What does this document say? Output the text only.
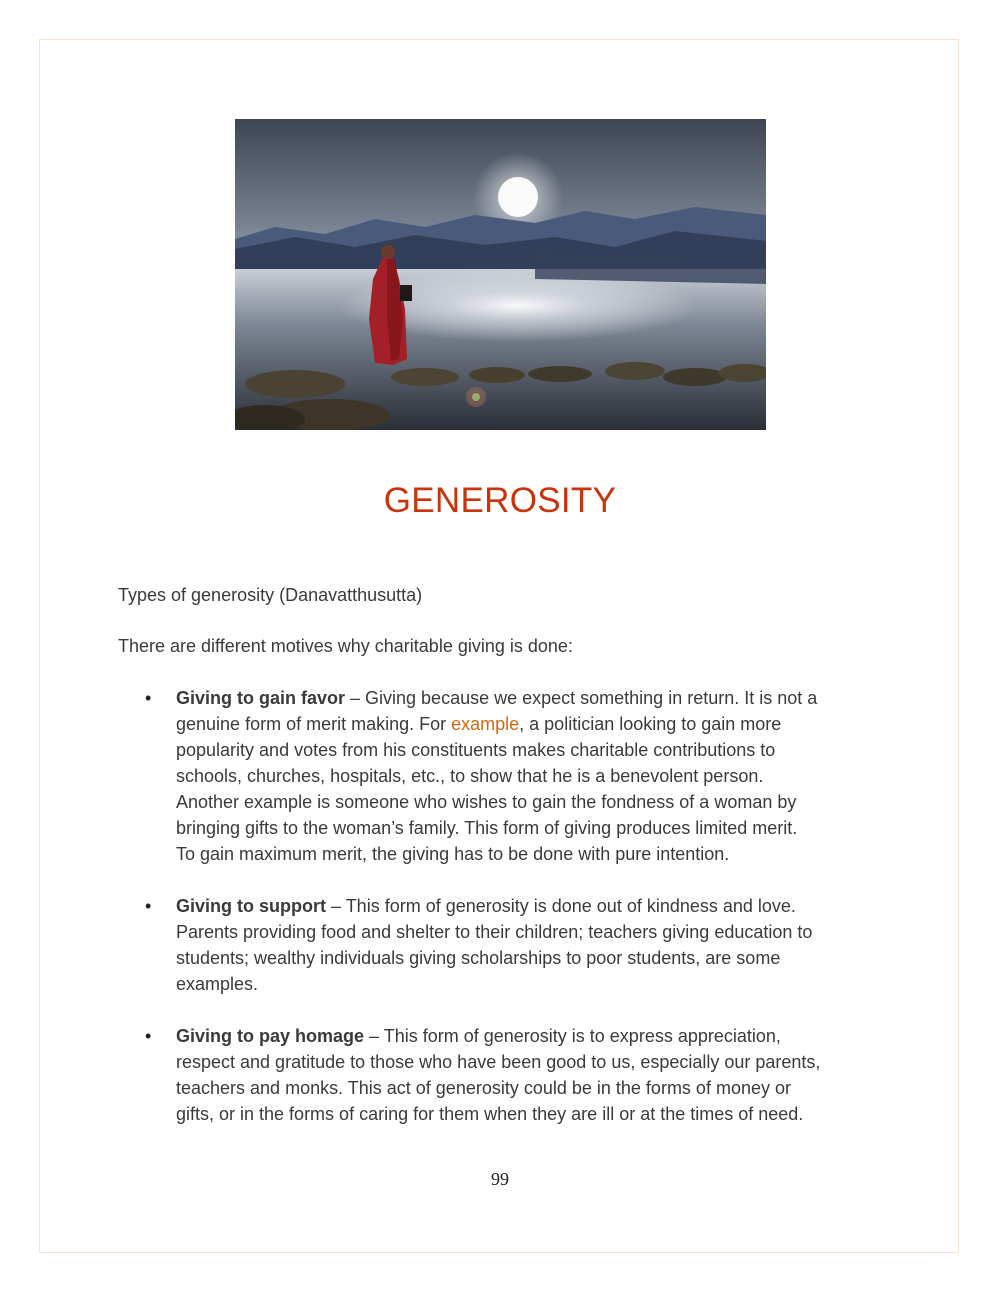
GENEROSITY

Types of generosity (Danavatthusutta)

There are different motives why charitable giving is done:

• Giving to gain favor – Giving because we expect something in return. It is not a
genuine form of merit making. For example, a politician looking to gain more
popularity and votes from his constituents makes charitable contributions to
schools, churches, hospitals, etc., to show that he is a benevolent person.
Another example is someone who wishes to gain the fondness of a woman by
bringing gifts to the woman’s family. This form of giving produces limited merit.
To gain maximum merit, the giving has to be done with pure intention.
• Giving to support – This form of generosity is done out of kindness and love.
Parents providing food and shelter to their children; teachers giving education to
students; wealthy individuals giving scholarships to poor students, are some
examples.
• Giving to pay homage – This form of generosity is to express appreciation,
respect and gratitude to those who have been good to us, especially our parents,
teachers and monks. This act of generosity could be in the forms of money or
gifts, or in the forms of caring for them when they are ill or at the times of need.
99
